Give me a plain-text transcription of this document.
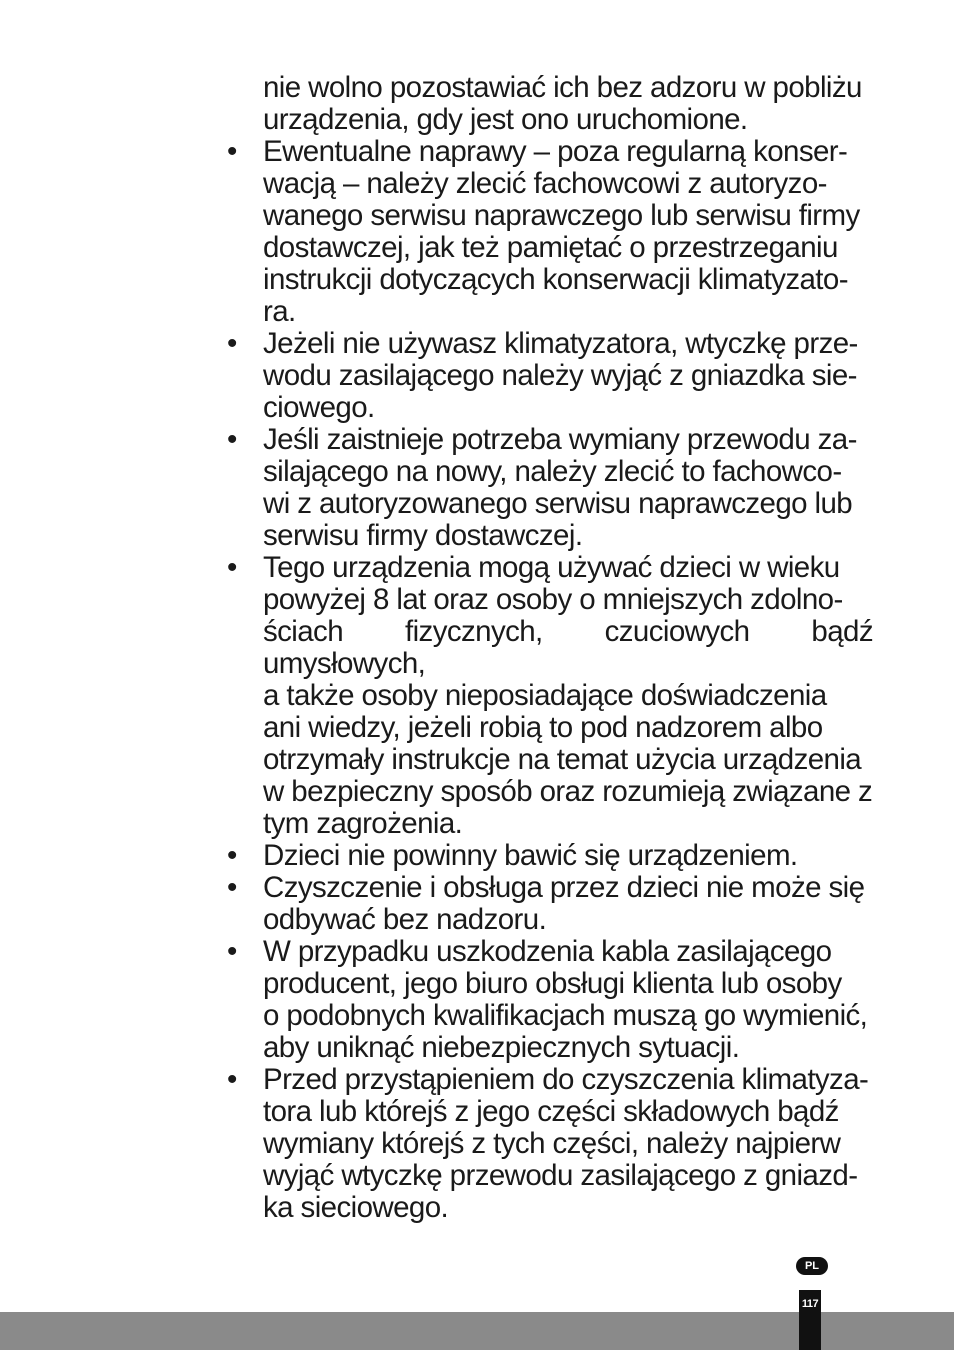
nie wolno pozostawiać ich bez adzoru w pobliżu
urządzenia, gdy jest ono uruchomione.

• Ewentualne naprawy – poza regularną konser-
wacją – należy zlecić fachowcowi z autoryzo-
wanego serwisu naprawczego lub serwisu firmy
dostawczej, jak też pamiętać o przestrzeganiu
instrukcji dotyczących konserwacji klimatyzato-
ra.

• Jeżeli nie używasz klimatyzatora, wtyczkę prze-
wodu zasilającego należy wyjąć z gniazdka sie-
ciowego.

• Jeśli zaistnieje potrzeba wymiany przewodu za-
silającego na nowy, należy zlecić to fachowco-
wi z autoryzowanego serwisu naprawczego lub
serwisu firmy dostawczej.

• Tego urządzenia mogą używać dzieci w wieku
powyżej 8 lat oraz osoby o mniejszych zdolno-
ściach fizycznych, czuciowych bądź umysłowych,
a także osoby nieposiadające doświadczenia
ani wiedzy, jeżeli robią to pod nadzorem albo
otrzymały instrukcje na temat użycia urządzenia
w bezpieczny sposób oraz rozumieją związane z
tym zagrożenia.

• Dzieci nie powinny bawić się urządzeniem.

• Czyszczenie i obsługa przez dzieci nie może się
odbywać bez nadzoru.

• W przypadku uszkodzenia kabla zasilającego
producent, jego biuro obsługi klienta lub osoby
o podobnych kwalifikacjach muszą go wymienić,
aby uniknąć niebezpiecznych sytuacji.

• Przed przystąpieniem do czyszczenia klimatyza-
tora lub którejś z jego części składowych bądź
wymiany którejś z tych części, należy najpierw
wyjąć wtyczkę przewodu zasilającego z gniazd-
ka sieciowego.

PL
117
